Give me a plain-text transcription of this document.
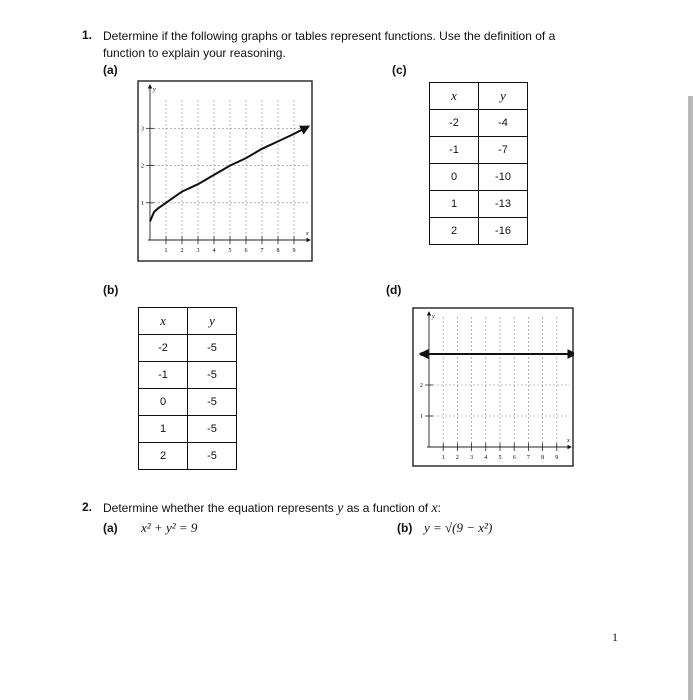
1. Determine if the following graphs or tables represent functions. Use the definition of a
function to explain your reasoning.
(a)	(c)
(b)	(d)
1 2 3 4 5 6 7 8 9
1
2
3
x
y	x	y
-2	-4
-1	-7
0	-10
1	-13
2	-16
x	y
-2	-5
-1	-5
0	-5
1	-5
2	-5	1 2 3 4 5 6 7 8 9
1
2
3
x
y
2. Determine whether the equation represents y as a function of x:
(a) x² + y² = 9	(b) y = √(9 − x²)
1
